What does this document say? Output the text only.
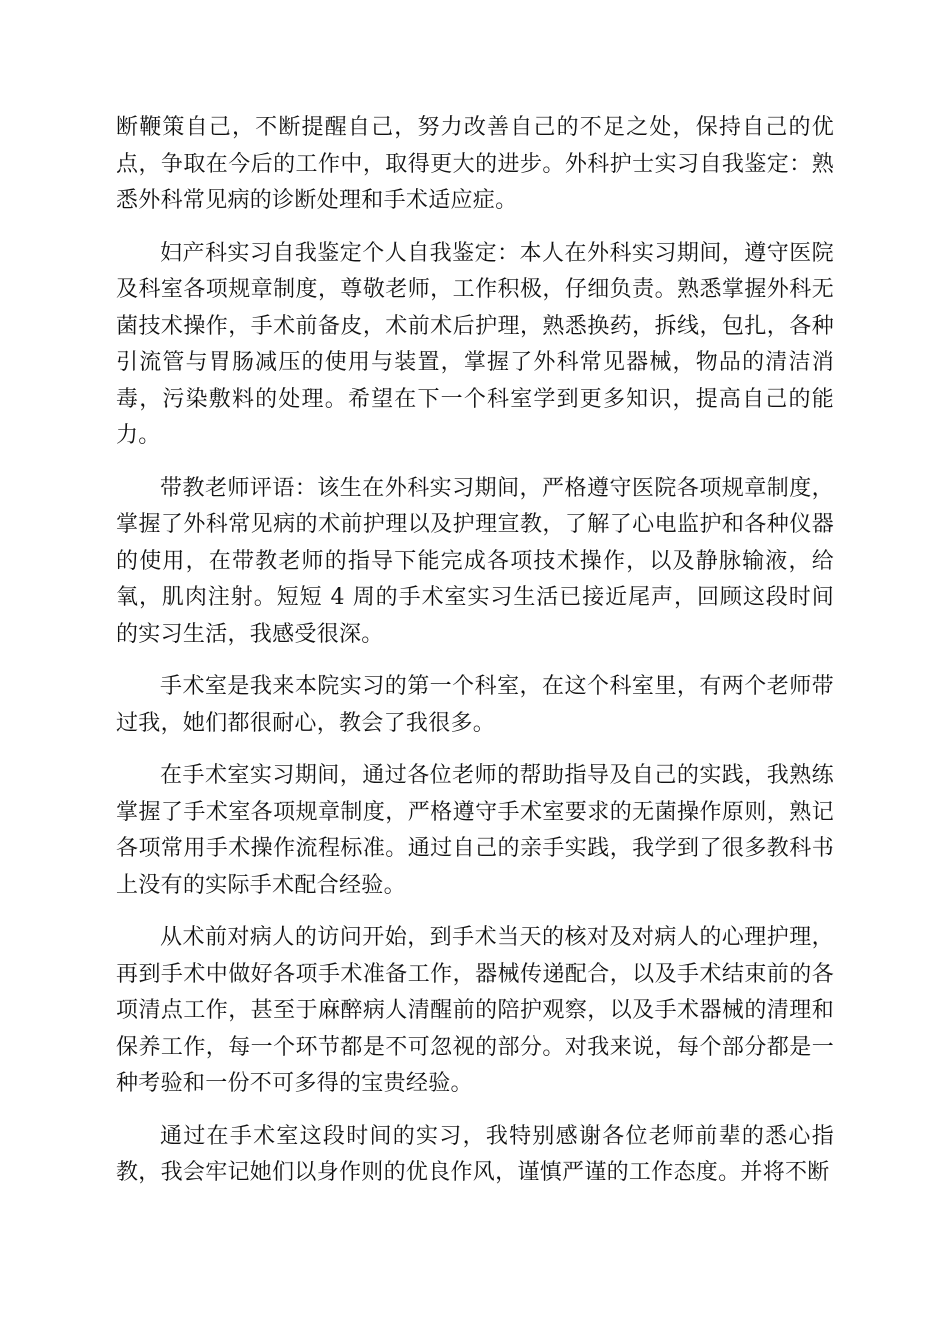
断鞭策自己，不断提醒自己，努力改善自己的不足之处，保持自己的优点，争取在今后的工作中，取得更大的进步。外科护士实习自我鉴定：熟悉外科常见病的诊断处理和手术适应症。

妇产科实习自我鉴定个人自我鉴定：本人在外科实习期间，遵守医院及科室各项规章制度，尊敬老师，工作积极，仔细负责。熟悉掌握外科无菌技术操作，手术前备皮，术前术后护理，熟悉换药，拆线，包扎，各种引流管与胃肠减压的使用与装置，掌握了外科常见器械，物品的清洁消毒，污染敷料的处理。希望在下一个科室学到更多知识，提高自己的能力。

带教老师评语：该生在外科实习期间，严格遵守医院各项规章制度，掌握了外科常见病的术前护理以及护理宣教，了解了心电监护和各种仪器的使用，在带教老师的指导下能完成各项技术操作，以及静脉输液，给氧，肌肉注射。短短 4 周的手术室实习生活已接近尾声，回顾这段时间的实习生活，我感受很深。

手术室是我来本院实习的第一个科室，在这个科室里，有两个老师带过我，她们都很耐心，教会了我很多。

在手术室实习期间，通过各位老师的帮助指导及自己的实践，我熟练掌握了手术室各项规章制度，严格遵守手术室要求的无菌操作原则，熟记各项常用手术操作流程标准。通过自己的亲手实践，我学到了很多教科书上没有的实际手术配合经验。

从术前对病人的访问开始，到手术当天的核对及对病人的心理护理，再到手术中做好各项手术准备工作，器械传递配合，以及手术结束前的各项清点工作，甚至于麻醉病人清醒前的陪护观察，以及手术器械的清理和保养工作，每一个环节都是不可忽视的部分。对我来说，每个部分都是一种考验和一份不可多得的宝贵经验。

通过在手术室这段时间的实习，我特别感谢各位老师前辈的悉心指教，我会牢记她们以身作则的优良作风，谨慎严谨的工作态度。并将不断
